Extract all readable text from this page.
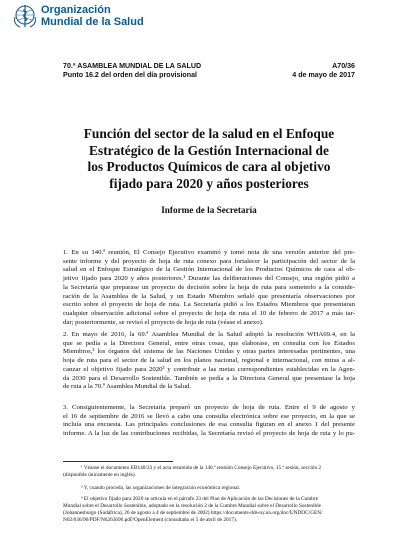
Organización
Mundial de la Salud
70.ª ASAMBLEA MUNDIAL DE LA SALUD	A70/36
Punto 16.2 del orden del día provisional	4 de mayo de 2017
Función del sector de la salud en el Enfoque
Estratégico de la Gestión Internacional de
los Productos Químicos de cara al objetivo
fijado para 2020 y años posteriores
Informe de la Secretaría
1. En su 140.ª reunión, El Consejo Ejecutivo examinó y tomó nota de una versión anterior del pre-
sente informe y del proyecto de hoja de ruta conexo para fortalecer la participación del sector de la
salud en el Enfoque Estratégico de la Gestión Internacional de los Productos Químicos de cara al ob-
jetivo fijado para 2020 y años posteriores.¹ Durante las deliberaciones del Consejo, una región pidió a
la Secretaría que preparase un proyecto de decisión sobre la hoja de ruta para someterlo a la conside-
ración de la Asamblea de la Salud, y un Estado Miembro señaló que presentaría observaciones por
escrito sobre el proyecto de hoja de ruta. La Secretaría pidió a los Estados Miembros que presentaran
cualquier observación adicional sobre el proyecto de hoja de ruta el 10 de febrero de 2017 a más tar-
dar; posteriormente, se revisó el proyecto de hoja de ruta (véase el anexo).
2. En mayo de 2016, la 69.ª Asamblea Mundial de la Salud adoptó la resolución WHA69.4, en la
que se pedía a la Directora General, entre otras cosas, que elaborase, en consulta con los Estados
Miembros,² los órganos del sistema de las Naciones Unidas y otras partes interesadas pertinentes, una
hoja de ruta para el sector de la salud en los planos nacional, regional e internacional, con miras a al-
canzar el objetivo fijado para 2020³ y contribuir a las metas correspondientes establecidas en la Agen-
da 2030 para el Desarrollo Sostenible. También se pedía a la Directora General que presentase la hoja
de ruta a la 70.ª Asamblea Mundial de la Salud.
3. Consiguientemente, la Secretaría preparó un proyecto de hoja de ruta. Entre el 9 de agosto y
el 16 de septiembre de 2016 se llevó a cabo una consulta electrónica sobre ese proyecto, en la que se
incluía una encuesta. Las principales conclusiones de esa consulta figuran en el anexo 1 del presente
informe. A la luz de las contribuciones recibidas, la Secretaría revisó el proyecto de hoja de ruta y lo pu-
¹ Véanse el documento EB140/33 y el acta resumida de la 140.ª reunión Consejo Ejecutivo, 15.ª sesión, sección 2
(disponible únicamente en inglés).
² Y, cuando proceda, las organizaciones de integración económica regional.
³ El objetivo fijado para 2020 se articula en el párrafo 23 del Plan de Aplicación de las Decisiones de la Cumbre
Mundial sobre el Desarrollo Sostenible, adoptado en la resolución 2 de la Cumbre Mundial sobre el Desarrollo Sostenible
(Johannesburgo (Sudáfrica), 26 de agosto a 4 de septiembre de 2002) https://documents-dds-ny.un.org/doc/UNDOC/GEN/
N02/636/96/PDF/N0263696.pdf?OpenElement (consultado el 5 de abril de 2017).
